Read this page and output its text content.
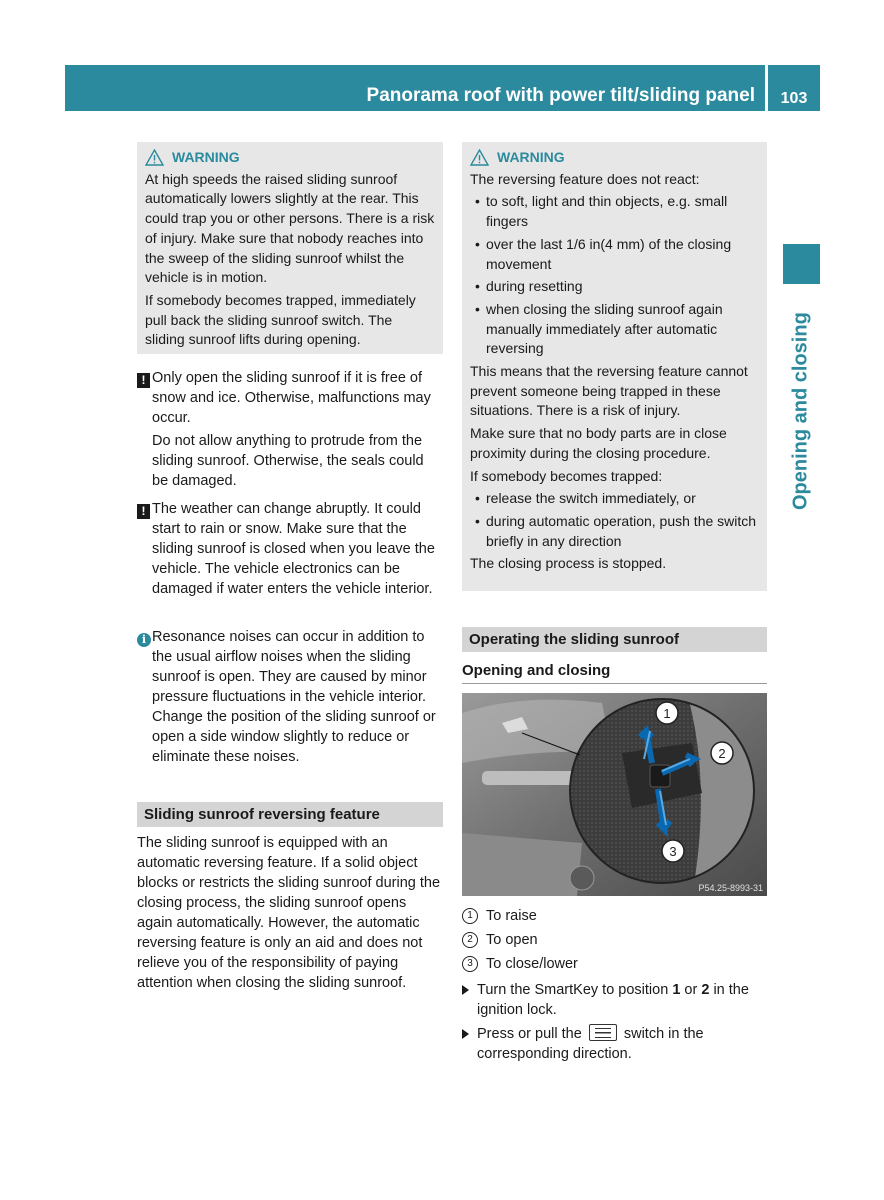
Panorama roof with power tilt/sliding panel	103
Opening and closing
WARNING

At high speeds the raised sliding sunroof automatically lowers slightly at the rear. This could trap you or other persons. There is a risk of injury. Make sure that nobody reaches into the sweep of the sliding sunroof whilst the vehicle is in motion.

If somebody becomes trapped, immediately pull back the sliding sunroof switch. The sliding sunroof lifts during opening.

! Only open the sliding sunroof if it is free of snow and ice. Otherwise, malfunctions may occur.

Do not allow anything to protrude from the sliding sunroof. Otherwise, the seals could be damaged.

! The weather can change abruptly. It could start to rain or snow. Make sure that the sliding sunroof is closed when you leave the vehicle. The vehicle electronics can be damaged if water enters the vehicle interior.

i Resonance noises can occur in addition to the usual airflow noises when the sliding sunroof is open. They are caused by minor pressure fluctuations in the vehicle interior. Change the position of the sliding sunroof or open a side window slightly to reduce or eliminate these noises.

Sliding sunroof reversing feature
The sliding sunroof is equipped with an automatic reversing feature. If a solid object blocks or restricts the sliding sunroof during the closing process, the sliding sunroof opens again automatically. However, the automatic reversing feature is only an aid and does not relieve you of the responsibility of paying attention when closing the sliding sunroof.
WARNING

The reversing feature does not react:

• to soft, light and thin objects, e.g. small fingers
• over the last 1/6 in(4 mm) of the closing movement
• during resetting
• when closing the sliding sunroof again manually immediately after automatic reversing

This means that the reversing feature cannot prevent someone being trapped in these situations. There is a risk of injury.

Make sure that no body parts are in close proximity during the closing procedure.

If somebody becomes trapped:

• release the switch immediately, or
• during automatic operation, push the switch briefly in any direction

The closing process is stopped.

Operating the sliding sunroof
Opening and closing
1
2
3
P54.25-8993-31
1 To raise
2 To open
3 To close/lower
Turn the SmartKey to position 1 or 2 in the ignition lock.
Press or pull the  switch in the corresponding direction.
